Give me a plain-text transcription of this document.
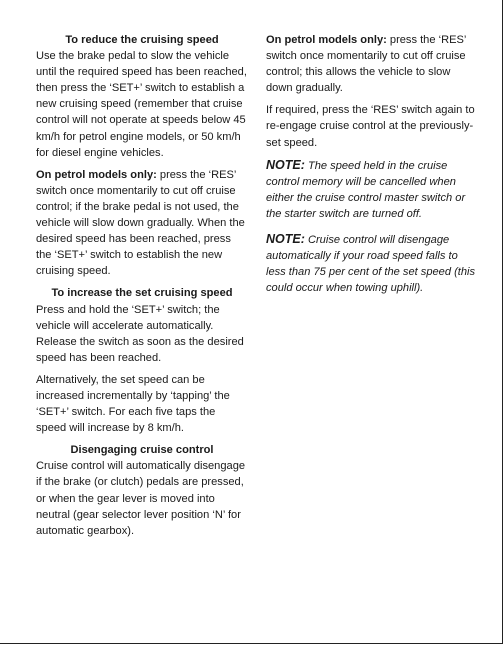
To reduce the cruising speed

Use the brake pedal to slow the vehicle until the required speed has been reached, then press the ‘SET+’ switch to establish a new cruising speed (remember that cruise control will not operate at speeds below 45 km/h for petrol engine models, or 50 km/h for diesel engine vehicles.

On petrol models only: press the ‘RES’ switch once momentarily to cut off cruise control; if the brake pedal is not used, the vehicle will slow down gradually. When the desired speed has been reached, press the ‘SET+’ switch to establish the new cruising speed.

To increase the set cruising speed

Press and hold the ‘SET+’ switch; the vehicle will accelerate automatically. Release the switch as soon as the desired speed has been reached.

Alternatively, the set speed can be increased incrementally by ‘tapping’ the ‘SET+’ switch. For each five taps the speed will increase by 8 km/h.

Disengaging cruise control

Cruise control will automatically disengage if the brake (or clutch) pedals are pressed, or when the gear lever is moved into neutral (gear selector lever position ‘N’ for automatic gearbox).

On petrol models only: press the ‘RES’ switch once momentarily to cut off cruise control; this allows the vehicle to slow down gradually.

If required, press the ‘RES’ switch again to re-engage cruise control at the previously-set speed.

NOTE: The speed held in the cruise control memory will be cancelled when either the cruise control master switch or the starter switch are turned off.

NOTE: Cruise control will disengage automatically if your road speed falls to less than 75 per cent of the set speed (this could occur when towing uphill).
